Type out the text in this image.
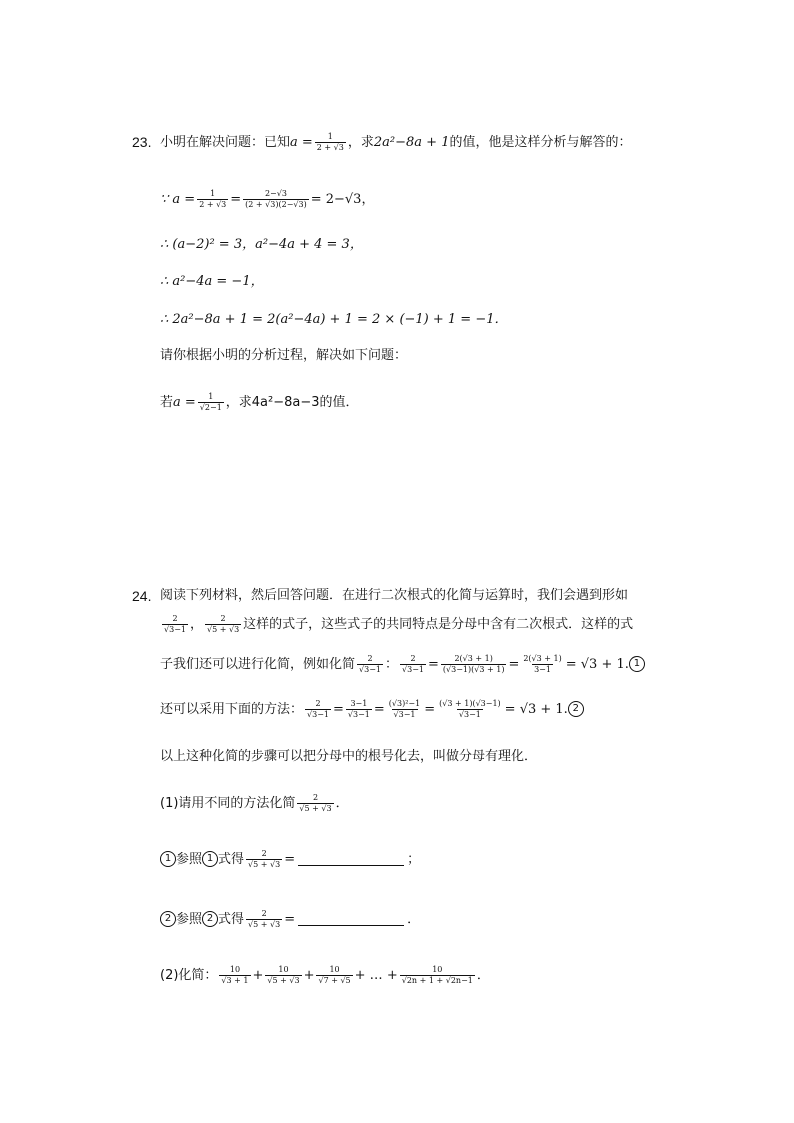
23. 小明在解决问题：已知 $a = \frac{1}{2 + √3}$ ，求 2a²−8a + 1 的值，他是这样分析与解答的：
∵ $a = \frac{1}{2 + √3} = \frac{2-√3}{(2 + √3)(2-√3)} = 2-√3$，
∴ (a−2)² = 3，a²−4a + 4 = 3，
∴ a²−4a = −1，
∴ 2a²−8a + 1 = 2(a²−4a) + 1 = 2 × (−1) + 1 = −1．
请你根据小明的分析过程，解决如下问题：
若 $a = \frac{1}{√2-1}$ ，求4a²−8a−3的值．
24. 阅读下列材料，然后回答问题．在进行二次根式的化简与运算时，我们会遇到形如
$\frac{2}{√3-1}$ ， $\frac{2}{√5 + √3}$ 这样的式子，这些式子的共同特点是分母中含有二次根式．这样的式
子我们还可以进行化简，例如化简 $\frac{2}{√3-1}$ ： $\frac{2}{√3-1} = \frac{2(√3 + 1)}{(√3-1)(√3 + 1)} = \frac{2(√3 + 1)}{3-1} = √3 + 1$. 1
还可以采用下面的方法： $\frac{2}{√3-1} = \frac{3-1}{√3-1} = \frac{\text{(√3)²−1}}{√3-1} = \frac{(√3 + 1)(√3-1)}{√3-1} = √3 + 1$. 2
以上这种化简的步骤可以把分母中的根号化去，叫做分母有理化．
(1)请用不同的方法化简 $\frac{2}{√5 + √3}$ ．
1 参照 1 式得 $\frac{2}{√5 + √3}$ =	；
2 参照 2 式得 $\frac{2}{√5 + √3}$ =	．
(2)化简： $\frac{10}{√3 + 1} + \frac{10}{√5 + √3} + \frac{10}{√7 + √5}$ + … + $\frac{10}{√2n + 1 + √2n-1}$ ．
